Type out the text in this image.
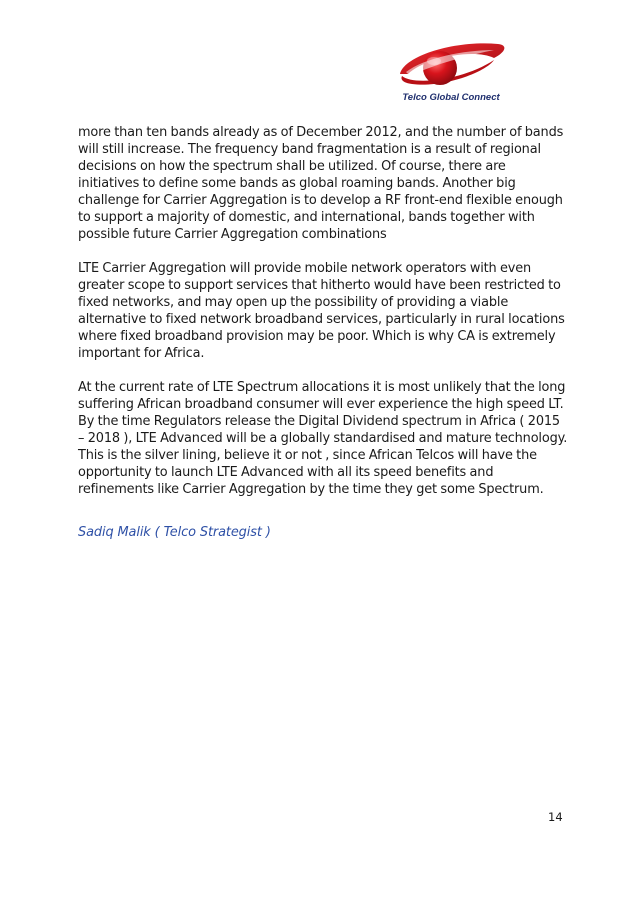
Telco Global Connect

more than ten bands already as of December 2012, and the number of bands will still increase. The frequency band fragmentation is a result of regional decisions on how the spectrum shall be utilized. Of course, there are initiatives to define some bands as global roaming bands. Another big challenge for Carrier Aggregation is to develop a RF front-end flexible enough to support a majority of domestic, and international, bands together with possible future Carrier Aggregation combinations

LTE Carrier Aggregation will provide mobile network operators with even greater scope to support services that hitherto would have been restricted to fixed networks, and may open up the possibility of providing a viable alternative to fixed network broadband services, particularly in rural locations where fixed broadband provision may be poor. Which is why CA is extremely important for Africa.

At the current rate of LTE Spectrum allocations it is most unlikely that the long suffering African broadband consumer will ever experience the high speed LT. By the time Regulators release the Digital Dividend spectrum in Africa ( 2015 – 2018 ), LTE Advanced will be a globally standardised and mature technology. This is the silver lining, believe it or not , since African Telcos will have the opportunity to launch LTE Advanced with all its speed benefits and refinements like Carrier Aggregation by the time they get some Spectrum.

Sadiq Malik ( Telco Strategist )
14
